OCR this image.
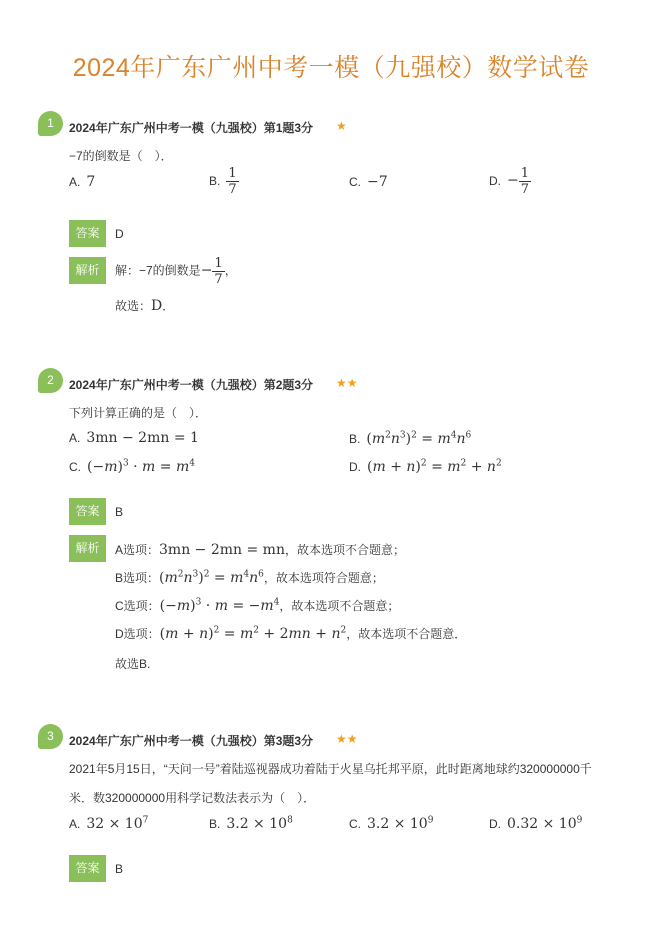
2024年广东广州中考一模（九强校）数学试卷
1	2024年广东广州中考一模（九强校）第1题3分 ★
−7的倒数是（　）．
A. 7	B. $\frac{1}{7}$	C. −7	D. − $\frac{1}{7}$
答案	D
解析	解：−7的倒数是− $\frac{1}{7}$ ，
故选：D．
2	2024年广东广州中考一模（九强校）第2题3分 ★★
下列计算正确的是（　）．
A. 3mn − 2mn = 1	B. $(m^2n^3)^2 = m^4n^6$
C. $(-m)^3 \cdot m = m^4$	D. $(m + n)^2 = m^2 + n^2$
答案	B
解析	A选项：3mn − 2mn = mn，故本选项不合题意；
B选项：$(m^2n^3)^2 = m^4n^6$，故本选项符合题意；
C选项：$(-m)^3 \cdot m = -m^4$，故本选项不合题意；
D选项：$(m + n)^2 = m^2 + 2mn + n^2$，故本选项不合题意．
故选B.
3	2024年广东广州中考一模（九强校）第3题3分 ★★
2021年5月15日，“天问一号”着陆巡视器成功着陆于火星乌托邦平原，此时距离地球约320000000千
米．数320000000用科学记数法表示为（　）．
A. $32 \times 10^7$	B. $3.2 \times 10^8$	C. $3.2 \times 10^9$	D. $0.32 \times 10^9$
答案	B
